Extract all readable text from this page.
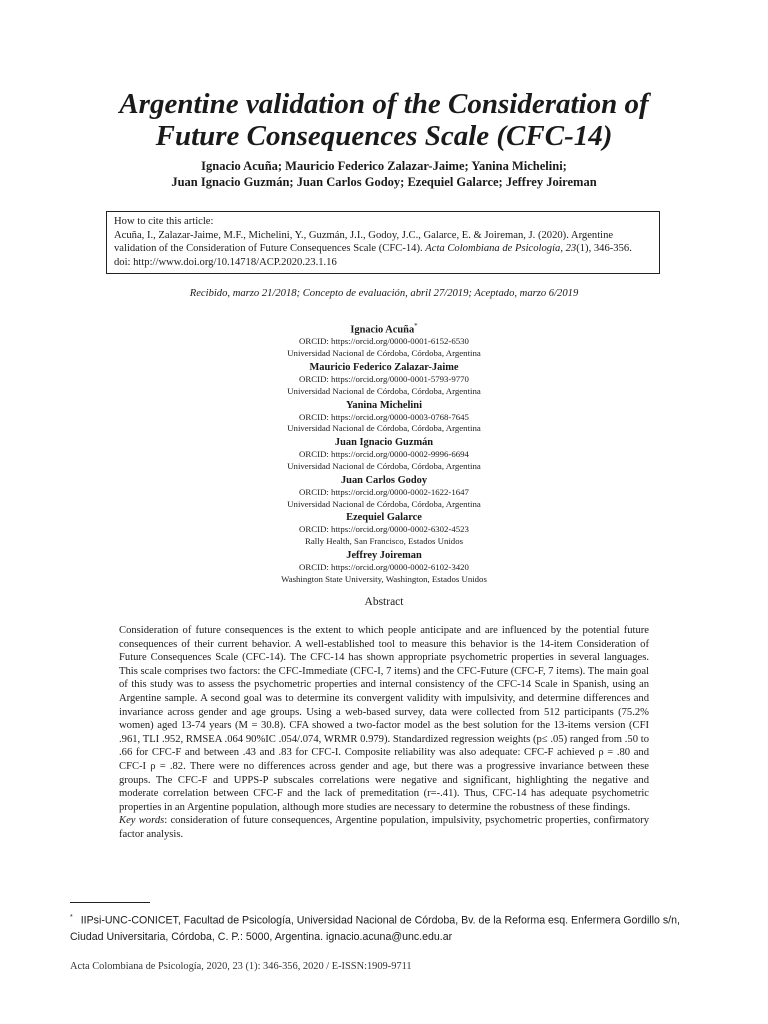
Argentine validation of the Consideration of
Future Consequences Scale (CFC-14)
Ignacio Acuña; Mauricio Federico Zalazar-Jaime; Yanina Michelini;
Juan Ignacio Guzmán; Juan Carlos Godoy; Ezequiel Galarce; Jeffrey Joireman

How to cite this article:

Acuña, I., Zalazar-Jaime, M.F., Michelini, Y., Guzmán, J.I., Godoy, J.C., Galarce, E. & Joireman, J. (2020). Argentine validation of the Consideration of Future Consequences Scale (CFC-14). Acta Colombiana de Psicología, 23(1), 346-356.

doi: http://www.doi.org/10.14718/ACP.2020.23.1.16

Recibido, marzo 21/2018; Concepto de evaluación, abril 27/2019; Aceptado, marzo 6/2019
Ignacio Acuña*
ORCID: https://orcid.org/0000-0001-6152-6530
Universidad Nacional de Córdoba, Córdoba, Argentina
Mauricio Federico Zalazar-Jaime
ORCID: https://orcid.org/0000-0001-5793-9770
Universidad Nacional de Córdoba, Córdoba, Argentina
Yanina Michelini
ORCID: https://orcid.org/0000-0003-0768-7645
Universidad Nacional de Córdoba, Córdoba, Argentina
Juan Ignacio Guzmán
ORCID: https://orcid.org/0000-0002-9996-6694
Universidad Nacional de Córdoba, Córdoba, Argentina
Juan Carlos Godoy
ORCID: https://orcid.org/0000-0002-1622-1647
Universidad Nacional de Córdoba, Córdoba, Argentina
Ezequiel Galarce
ORCID: https://orcid.org/0000-0002-6302-4523
Rally Health, San Francisco, Estados Unidos
Jeffrey Joireman
ORCID: https://orcid.org/0000-0002-6102-3420
Washington State University, Washington, Estados Unidos
Abstract

Consideration of future consequences is the extent to which people anticipate and are influenced by the potential future consequences of their current behavior. A well-established tool to measure this behavior is the 14-item Consideration of Future Consequences Scale (CFC-14). The CFC-14 has shown appropriate psychometric properties in several languages. This scale comprises two factors: the CFC-Immediate (CFC-I, 7 items) and the CFC-Future (CFC-F, 7 items). The main goal of this study was to assess the psychometric properties and internal consistency of the CFC-14 Scale in Spanish, using an Argentine sample. A second goal was to determine its convergent validity with impulsivity, and determine differences and invariance across gender and age groups. Using a web-based survey, data were collected from 512 participants (75.2% women) aged 13-74 years (M = 30.8). CFA showed a two-factor model as the best solution for the 13-items version (CFI .961, TLI .952, RMSEA .064 90%IC .054/.074, WRMR 0.979). Standardized regression weights (p≤ .05) ranged from .50 to .66 for CFC-F and between .43 and .83 for CFC-I. Composite reliability was also adequate: CFC-F achieved ρ = .80 and CFC-I ρ = .82. There were no differences across gender and age, but there was a progressive invariance between these groups. The CFC-F and UPPS-P subscales correlations were negative and significant, highlighting the negative and moderate correlation between CFC-F and the lack of premeditation (r=-.41). Thus, CFC-14 has adequate psychometric properties in an Argentine population, although more studies are necessary to determine the robustness of these findings.

Key words: consideration of future consequences, Argentine population, impulsivity, psychometric properties, confirmatory factor analysis.

* IIPsi-UNC-CONICET, Facultad de Psicología, Universidad Nacional de Córdoba, Bv. de la Reforma esq. Enfermera Gordillo s/n, Ciudad Universitaria, Córdoba, C. P.: 5000, Argentina. ignacio.acuna@unc.edu.ar

Acta Colombiana de Psicología, 2020, 23 (1): 346-356, 2020 / E-ISSN:1909-9711
